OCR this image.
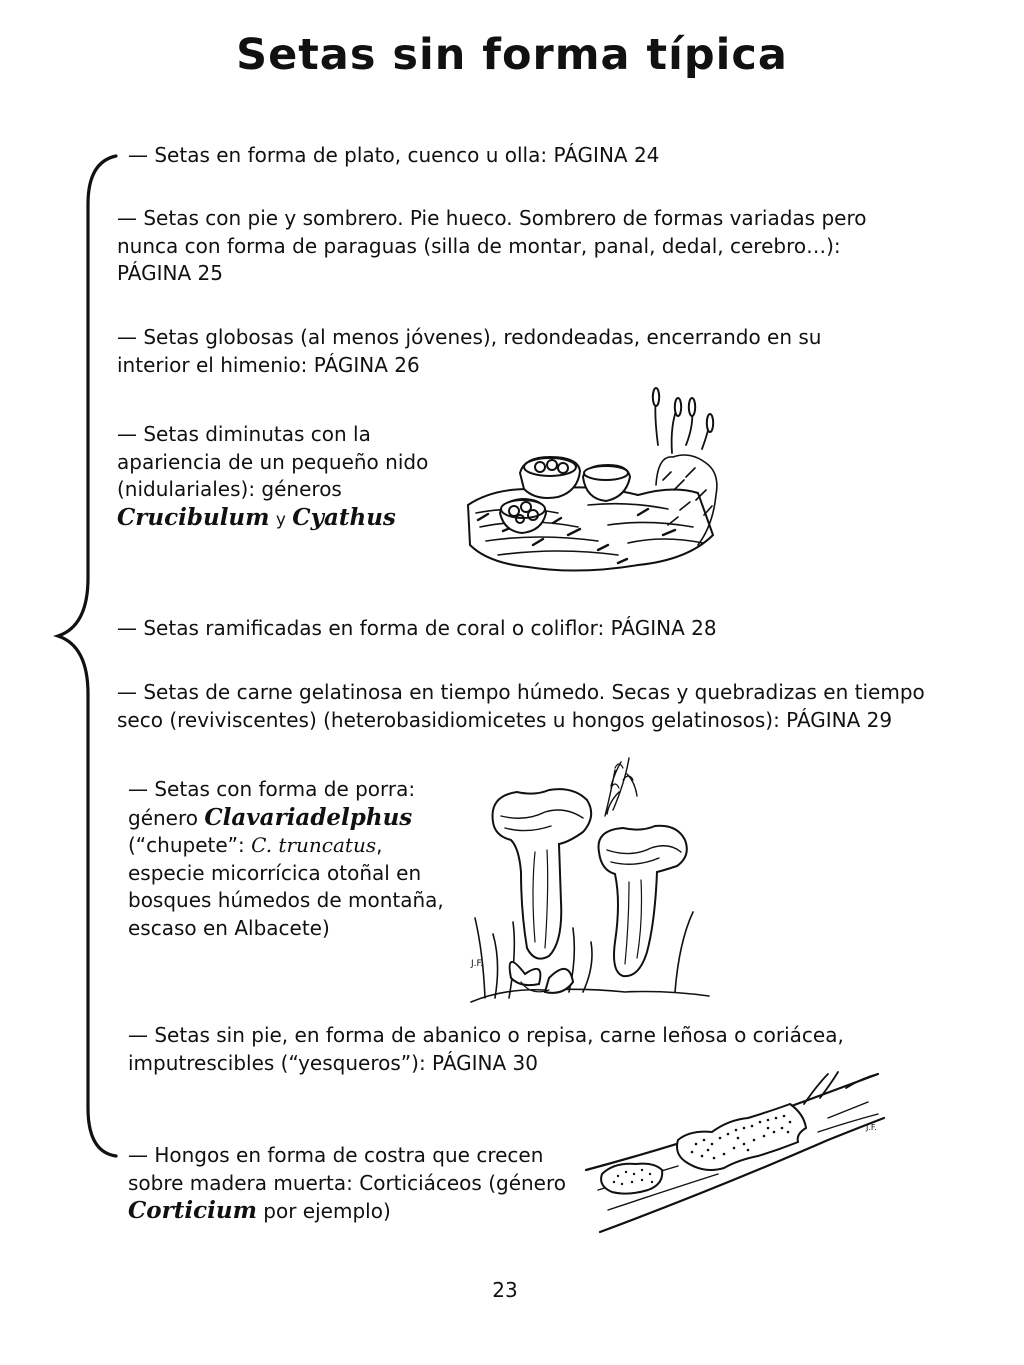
Setas sin forma típica
— Setas en forma de plato, cuenco u olla: PÁGINA 24
— Setas con pie y sombrero. Pie hueco. Sombrero de formas variadas pero nunca con forma de paraguas (silla de montar, panal, dedal, cerebro…): PÁGINA 25
— Setas globosas (al menos jóvenes), redondeadas, encerrando en su interior el himenio: PÁGINA 26
— Setas diminutas con la apariencia de un pequeño nido (nidulariales): géneros Crucibulum y Cyathus
— Setas ramificadas en forma de coral o coliflor: PÁGINA 28
— Setas de carne gelatinosa en tiempo húmedo. Secas y quebradizas en tiempo seco (reviviscentes) (heterobasidiomicetes u hongos gelatinosos): PÁGINA 29
— Setas con forma de porra: género Clavariadelphus (“chupete”: C. truncatus, especie micorrícica otoñal en bosques húmedos de montaña, escaso en Albacete)
J.F.
— Setas sin pie, en forma de abanico o repisa, carne leñosa o coriácea, imputrescibles (“yesqueros”): PÁGINA 30
— Hongos en forma de costra que crecen sobre madera muerta: Corticiáceos (género Corticium por ejemplo)
J.F.
23
